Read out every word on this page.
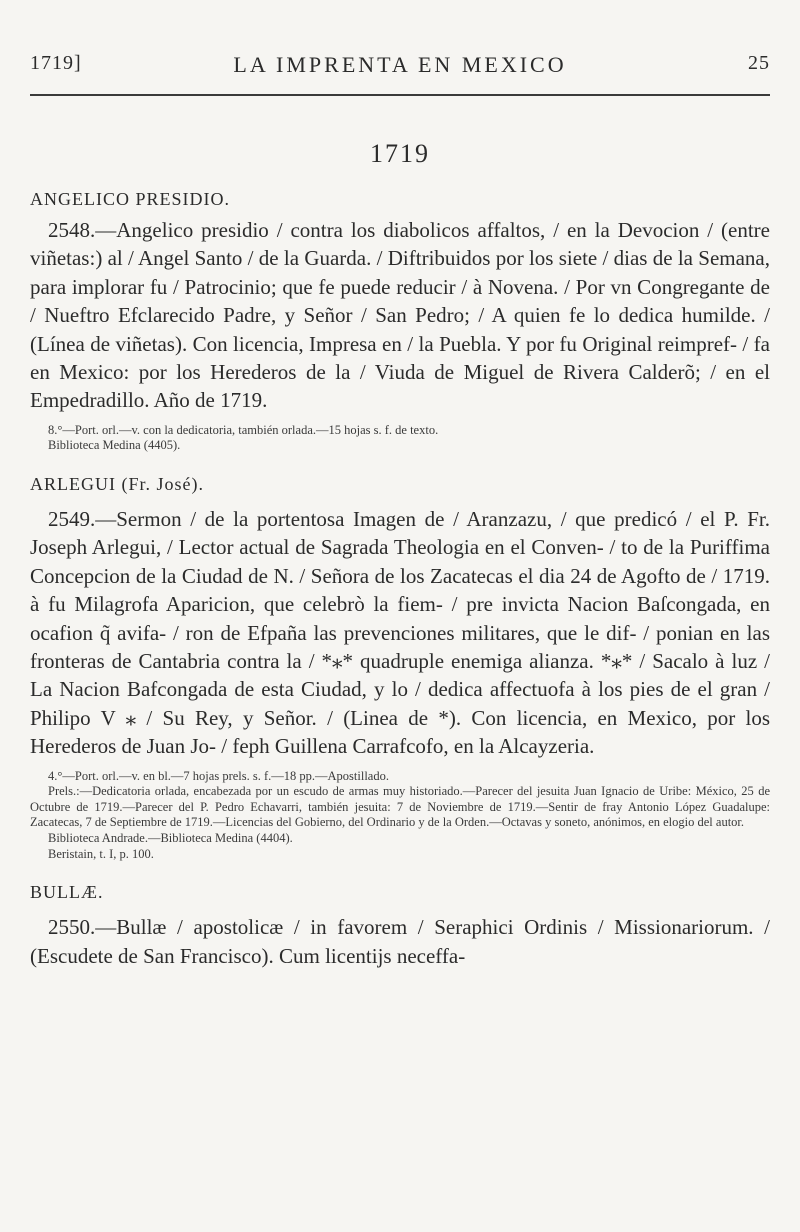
1719]	LA IMPRENTA EN MEXICO	25
1719

ANGELICO PRESIDIO.

2548.—Angelico presidio / contra los diabolicos affaltos, / en la Devocion / (entre viñetas:) al / Angel Santo / de la Guarda. / Diftribuidos por los siete / dias de la Semana, para implorar fu / Patrocinio; que fe puede reducir / à Novena. / Por vn Congregante de / Nueftro Efclarecido Padre, y Señor / San Pedro; / A quien fe lo dedica humilde. / (Línea de viñetas). Con licencia, Impresa en / la Puebla. Y por fu Original reimpref- / fa en Mexico: por los Herederos de la / Viuda de Miguel de Rivera Calderõ; / en el Empedradillo. Año de 1719.

8.°—Port. orl.—v. con la dedicatoria, también orlada.—15 hojas s. f. de texto.

Biblioteca Medina (4405).

ARLEGUI (Fr. José).

2549.—Sermon / de la portentosa Imagen de / Aranzazu, / que predicó / el P. Fr. Joseph Arlegui, / Lector actual de Sagrada Theologia en el Conven- / to de la Puriffima Concepcion de la Ciudad de N. / Señora de los Zacatecas el dia 24 de Agofto de / 1719. à fu Milagrofa Aparicion, que celebrò la fiem- / pre invicta Nacion Baſcongada, en ocafion q̃ avifa- / ron de Efpaña las prevenciones militares, que le dif- / ponian en las fronteras de Cantabria contra la / *⁎* quadruple enemiga alianza. *⁎* / Sacalo à luz / La Nacion Bafcongada de esta Ciudad, y lo / dedica affectuofa à los pies de el gran / Philipo V ⁎ / Su Rey, y Señor. / (Linea de *). Con licencia, en Mexico, por los Herederos de Juan Jo- / feph Guillena Carrafcofo, en la Alcayzeria.

4.°—Port. orl.—v. en bl.—7 hojas prels. s. f.—18 pp.—Apostillado.

Prels.:—Dedicatoria orlada, encabezada por un escudo de armas muy historiado.—Parecer del jesuita Juan Ignacio de Uribe: México, 25 de Octubre de 1719.—Parecer del P. Pedro Echavarri, también jesuita: 7 de Noviembre de 1719.—Sentir de fray Antonio López Guadalupe: Zacatecas, 7 de Septiembre de 1719.—Licencias del Gobierno, del Ordinario y de la Orden.—Octavas y soneto, anónimos, en elogio del autor.

Biblioteca Andrade.—Biblioteca Medina (4404).

Beristain, t. I, p. 100.

BULLÆ.

2550.—Bullæ / apostolicæ / in favorem / Seraphici Ordinis / Missionariorum. / (Escudete de San Francisco). Cum licentijs neceffa-
